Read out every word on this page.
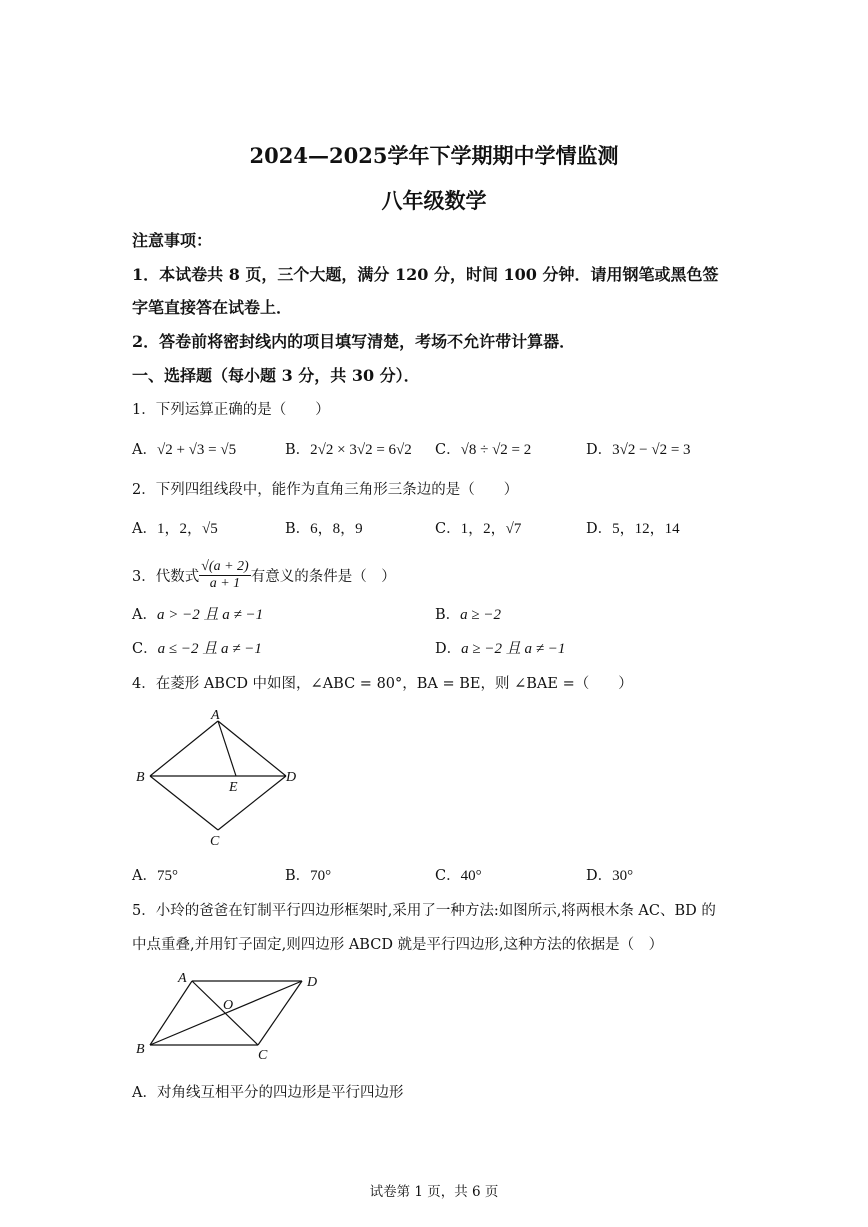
2024—2025学年下学期期中学情监测
八年级数学
注意事项：
1．本试卷共 8 页，三个大题，满分 120 分，时间 100 分钟．请用钢笔或黑色签
字笔直接答在试卷上．
2．答卷前将密封线内的项目填写清楚，考场不允许带计算器．
一、选择题（每小题 3 分，共 30 分）．
1．下列运算正确的是（　　）
A．√2 + √3 = √5	B．2√2 × 3√2 = 6√2 C．√8 ÷ √2 = 2	D．3√2 − √2 = 3
2．下列四组线段中，能作为直角三角形三条边的是（　　）
A．1，2，√5	B．6，8，9	C．1，2，√7	D．5，12，14
3．代数式 $\frac{√(a + 2)}{a + 1}$ 有意义的条件是（　）
A．a > −2 且 a ≠ −1	B．a ≥ −2
C．a ≤ −2 且 a ≠ −1	D．a ≥ −2 且 a ≠ −1
4．在菱形 ABCD 中如图，∠ABC = 80°，BA = BE，则 ∠BAE =（　　）
A
B
C
D
E
A．75°	B．70°	C．40°	D．30°
5．小玲的爸爸在钉制平行四边形框架时,采用了一种方法:如图所示,将两根木条 AC、BD 的
中点重叠,并用钉子固定,则四边形 ABCD 就是平行四边形,这种方法的依据是（　）
A
B	C
D
O
A．对角线互相平分的四边形是平行四边形
试卷第 1 页，共 6 页
